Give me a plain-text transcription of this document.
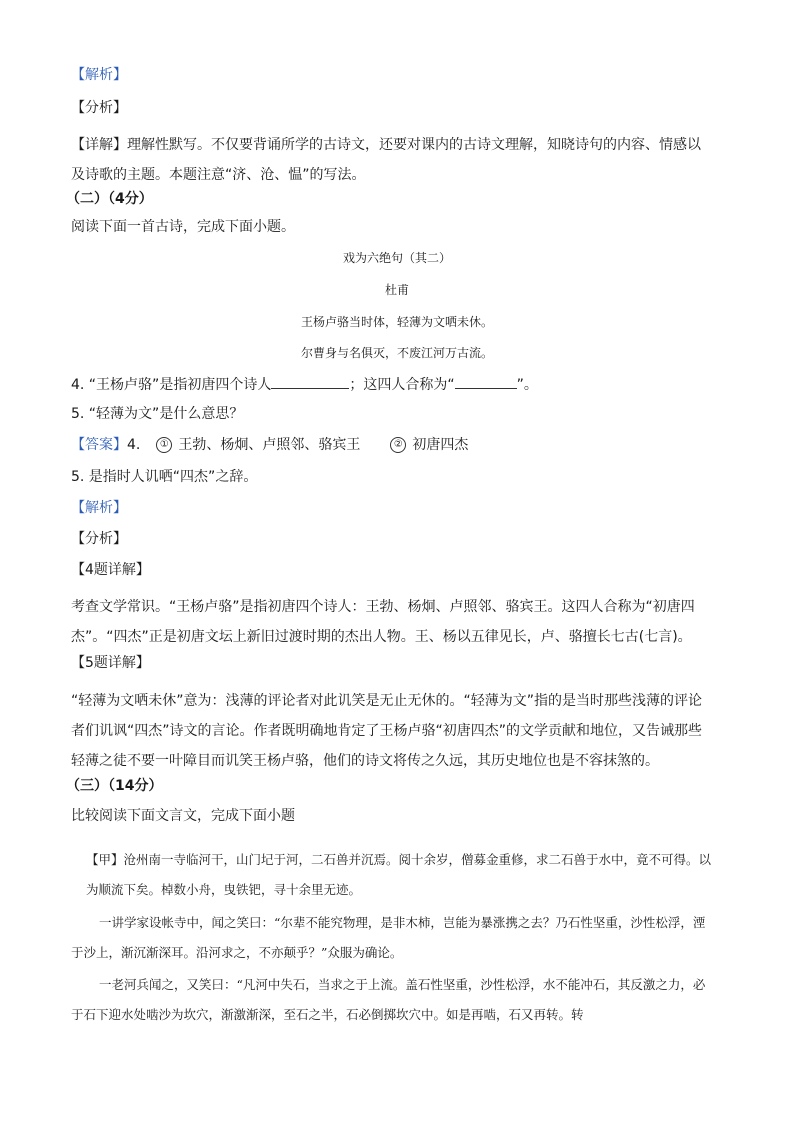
【解析】
【分析】
【详解】理解性默写。不仅要背诵所学的古诗文，还要对课内的古诗文理解，知晓诗句的内容、情感以及诗歌的主题。本题注意“济、沧、愠”的写法。
（二）（4分）
阅读下面一首古诗，完成下面小题。
戏为六绝句（其二）
杜甫
王杨卢骆当时体，轻薄为文哂未休。
尔曹身与名俱灭，不废江河万古流。
4. “王杨卢骆”是指初唐四个诗人	；这四人合称为“	”。
5. “轻薄为文”是什么意思？
【答案】4. ① 王勃、杨炯、卢照邻、骆宾王	② 初唐四杰
5. 是指时人讥哂“四杰”之辞。
【解析】
【分析】
【4题详解】
考查文学常识。“王杨卢骆”是指初唐四个诗人：王勃、杨炯、卢照邻、骆宾王。这四人合称为“初唐四杰”。“四杰”正是初唐文坛上新旧过渡时期的杰出人物。王、杨以五律见长，卢、骆擅长七古(七言)。
【5题详解】
“轻薄为文哂未休”意为：浅薄的评论者对此讥笑是无止无休的。“轻薄为文”指的是当时那些浅薄的评论者们讥讽“四杰”诗文的言论。作者既明确地肯定了王杨卢骆“初唐四杰”的文学贡献和地位，又告诫那些轻薄之徒不要一叶障目而讥笑王杨卢骆，他们的诗文将传之久远，其历史地位也是不容抹煞的。
（三）（14分）
比较阅读下面文言文，完成下面小题
【甲】沧州南一寺临河干，山门圮于河，二石兽并沉焉。阅十余岁，僧募金重修，求二石兽于水中，竟不可得。以为顺流下矣。棹数小舟，曳铁钯，寻十余里无迹。
一讲学家设帐寺中，闻之笑曰：“尔辈不能究物理，是非木柿，岂能为暴涨携之去？乃石性坚重，沙性松浮，湮于沙上，渐沉渐深耳。沿河求之，不亦颠乎？”众服为确论。
一老河兵闻之，又笑曰：“凡河中失石，当求之于上流。盖石性坚重，沙性松浮，水不能冲石，其反激之力，必于石下迎水处啮沙为坎穴，渐激渐深，至石之半，石必倒掷坎穴中。如是再啮，石又再转。转
